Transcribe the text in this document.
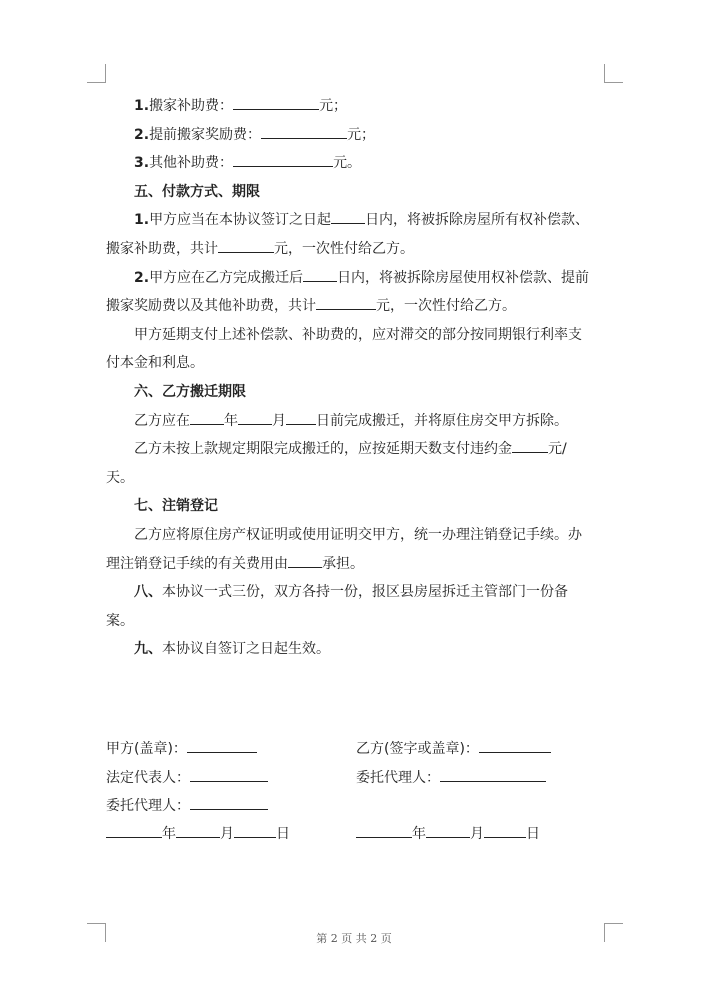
1.搬家补助费：	元；
2.提前搬家奖励费：	元；
3.其他补助费：	元。
五、付款方式、期限
1.甲方应当在本协议签订之日起 日内，将被拆除房屋所有权补偿款、
搬家补助费，共计	元，一次性付给乙方。
2.甲方应在乙方完成搬迁后 日内，将被拆除房屋使用权补偿款、提前
搬家奖励费以及其他补助费，共计	元，一次性付给乙方。
甲方延期支付上述补偿款、补助费的，应对滞交的部分按同期银行利率支
付本金和利息。
六、乙方搬迁期限
乙方应在 年 月 日前完成搬迁，并将原住房交甲方拆除。
乙方未按上款规定期限完成搬迁的，应按延期天数支付违约金	元/
天。
七、注销登记
乙方应将原住房产权证明或使用证明交甲方，统一办理注销登记手续。办
理注销登记手续的有关费用由 承担。
八、本协议一式三份，双方各持一份，报区县房屋拆迁主管部门一份备
案。
九、本协议自签订之日起生效。
甲方(盖章)：	乙方(签字或盖章)：
法定代表人：	委托代理人：
委托代理人：
年	月	日	年	月	日
第 2 页 共 2 页
